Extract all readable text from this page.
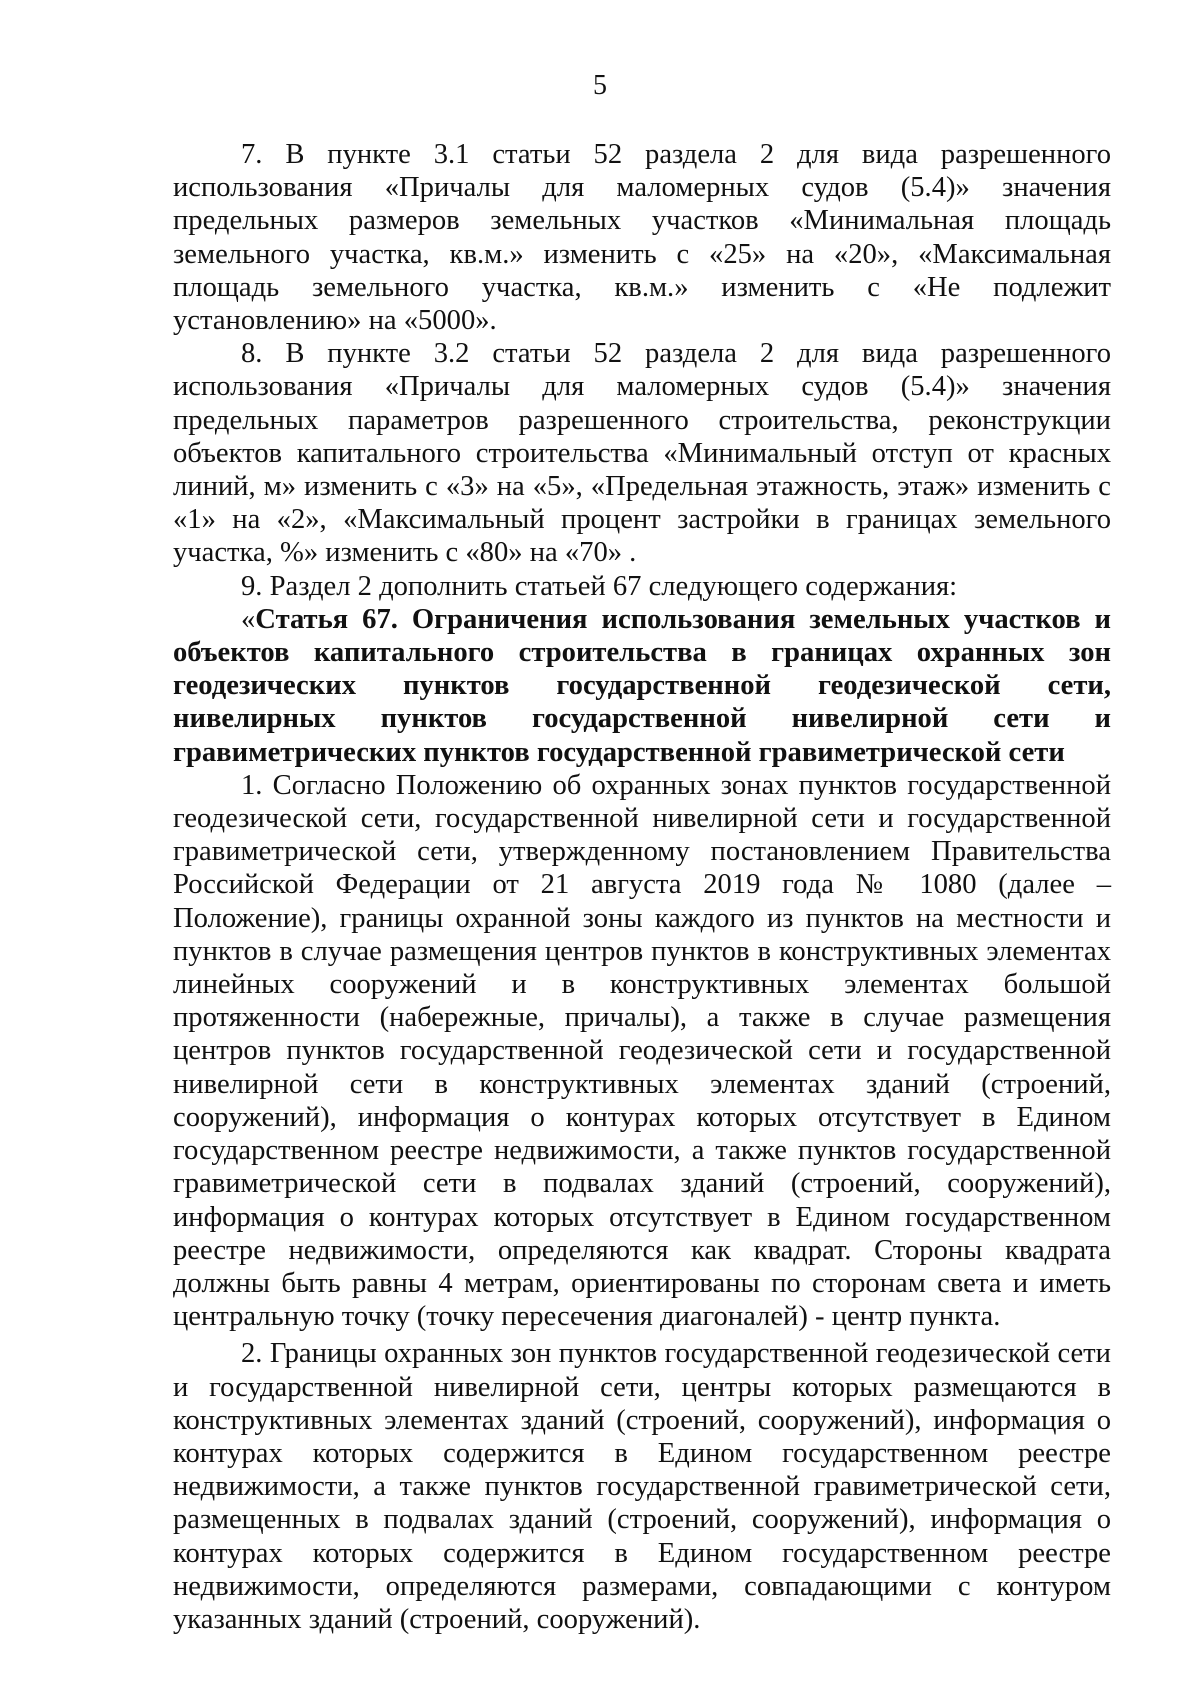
5

7. В пункте 3.1 статьи 52 раздела 2 для вида разрешенного использования «Причалы для маломерных судов (5.4)» значения предельных размеров земельных участков «Минимальная площадь земельного участка, кв.м.» изменить с «25» на «20», «Максимальная площадь земельного участка, кв.м.» изменить с «Не подлежит установлению» на «5000».

8. В пункте 3.2 статьи 52 раздела 2 для вида разрешенного использования «Причалы для маломерных судов (5.4)» значения предельных параметров разрешенного строительства, реконструкции объектов капитального строительства «Минимальный отступ от красных линий, м» изменить с «3» на «5», «Предельная этажность, этаж» изменить с «1» на «2», «Максимальный процент застройки в границах земельного участка, %» изменить с «80» на «70» .

9. Раздел 2 дополнить статьей 67 следующего содержания:

«Статья 67. Ограничения использования земельных участков и объектов капитального строительства в границах охранных зон геодезических пунктов государственной геодезической сети, нивелирных пунктов государственной нивелирной сети и гравиметрических пунктов государственной гравиметрической сети

1. Согласно Положению об охранных зонах пунктов государственной геодезической сети, государственной нивелирной сети и государственной гравиметрической сети, утвержденному постановлением Правительства Российской Федерации от 21 августа 2019 года № 1080 (далее – Положение), границы охранной зоны каждого из пунктов на местности и пунктов в случае размещения центров пунктов в конструктивных элементах линейных сооружений и в конструктивных элементах большой протяженности (набережные, причалы), а также в случае размещения центров пунктов государственной геодезической сети и государственной нивелирной сети в конструктивных элементах зданий (строений, сооружений), информация о контурах которых отсутствует в Едином государственном реестре недвижимости, а также пунктов государственной гравиметрической сети в подвалах зданий (строений, сооружений), информация о контурах которых отсутствует в Едином государственном реестре недвижимости, определяются как квадрат. Стороны квадрата должны быть равны 4 метрам, ориентированы по сторонам света и иметь центральную точку (точку пересечения диагоналей) - центр пункта.

2. Границы охранных зон пунктов государственной геодезической сети и государственной нивелирной сети, центры которых размещаются в конструктивных элементах зданий (строений, сооружений), информация о контурах которых содержится в Едином государственном реестре недвижимости, а также пунктов государственной гравиметрической сети, размещенных в подвалах зданий (строений, сооружений), информация о контурах которых содержится в Едином государственном реестре недвижимости, определяются размерами, совпадающими с контуром указанных зданий (строений, сооружений).
